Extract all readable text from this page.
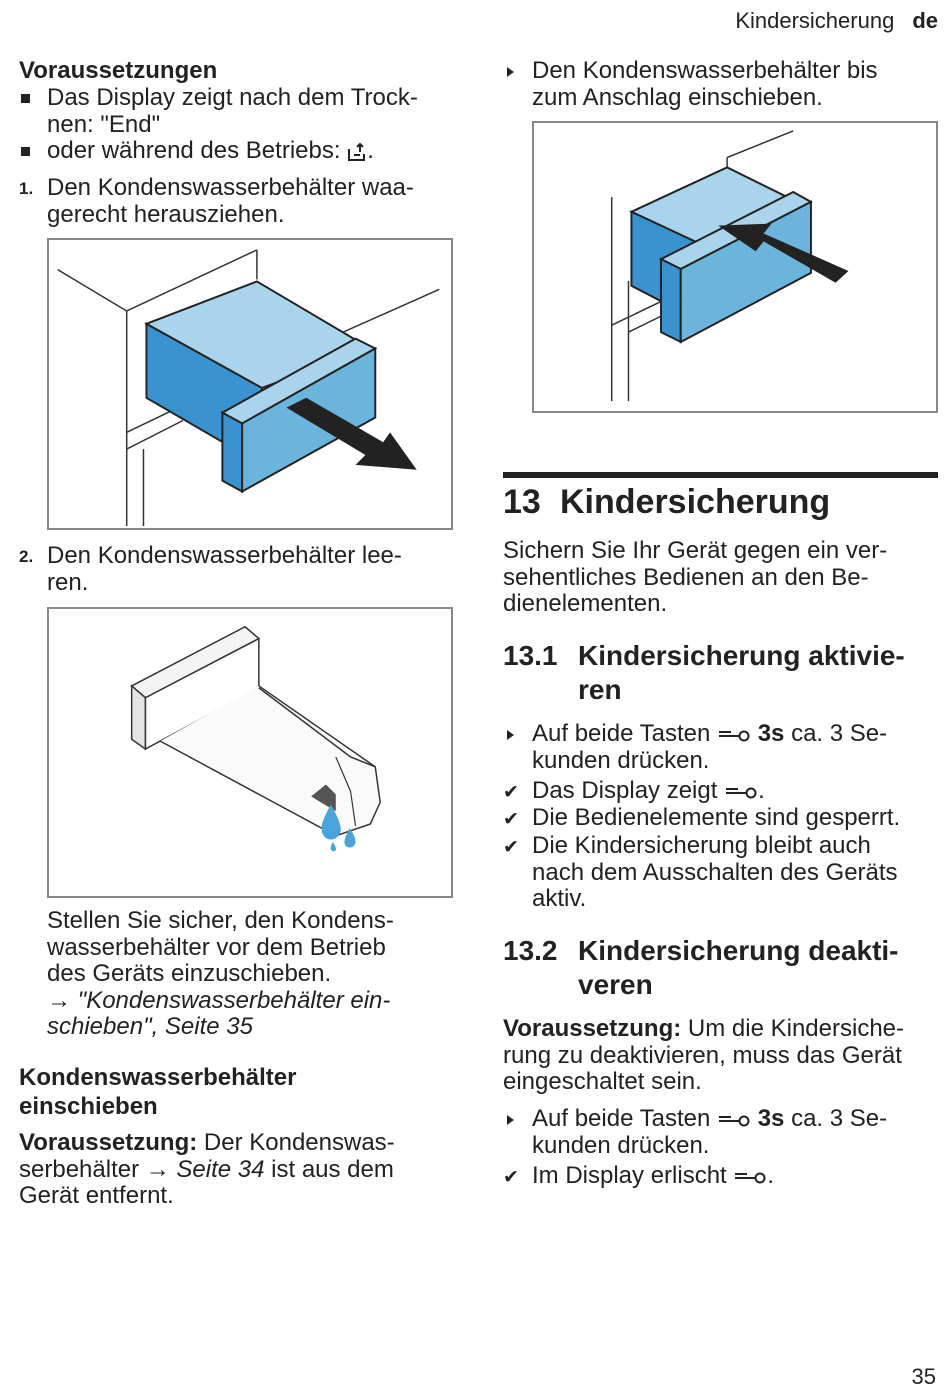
Kindersicherung de
Voraussetzungen
Das Display zeigt nach dem Trock-
nen: "End"
oder während des Betriebs: .
1. Den Kondenswasserbehälter waa-
gerecht herausziehen.
2. Den Kondenswasserbehälter lee-
ren.
Stellen Sie sicher, den Kondens-
wasserbehälter vor dem Betrieb
des Geräts einzuschieben.
→ "Kondenswasserbehälter ein-
schieben", Seite 35
Kondenswasserbehälter
einschieben
Voraussetzung: Der Kondenswas-
serbehälter → Seite 34 ist aus dem
Gerät entfernt.
Den Kondenswasserbehälter bis
zum Anschlag einschieben.
13 Kindersicherung
Sichern Sie Ihr Gerät gegen ein ver-
sehentliches Bedienen an den Be-
dienelementen.
13.1 Kindersicherung aktivie-
ren
Auf beide Tasten  3s ca. 3 Se-
kunden drücken.
✔ Das Display zeigt .
✔ Die Bedienelemente sind gesperrt.
✔ Die Kindersicherung bleibt auch
nach dem Ausschalten des Geräts
aktiv.
13.2 Kindersicherung deakti-
veren
Voraussetzung: Um die Kindersiche-
rung zu deaktivieren, muss das Gerät
eingeschaltet sein.
Auf beide Tasten  3s ca. 3 Se-
kunden drücken.
✔ Im Display erlischt .
35
